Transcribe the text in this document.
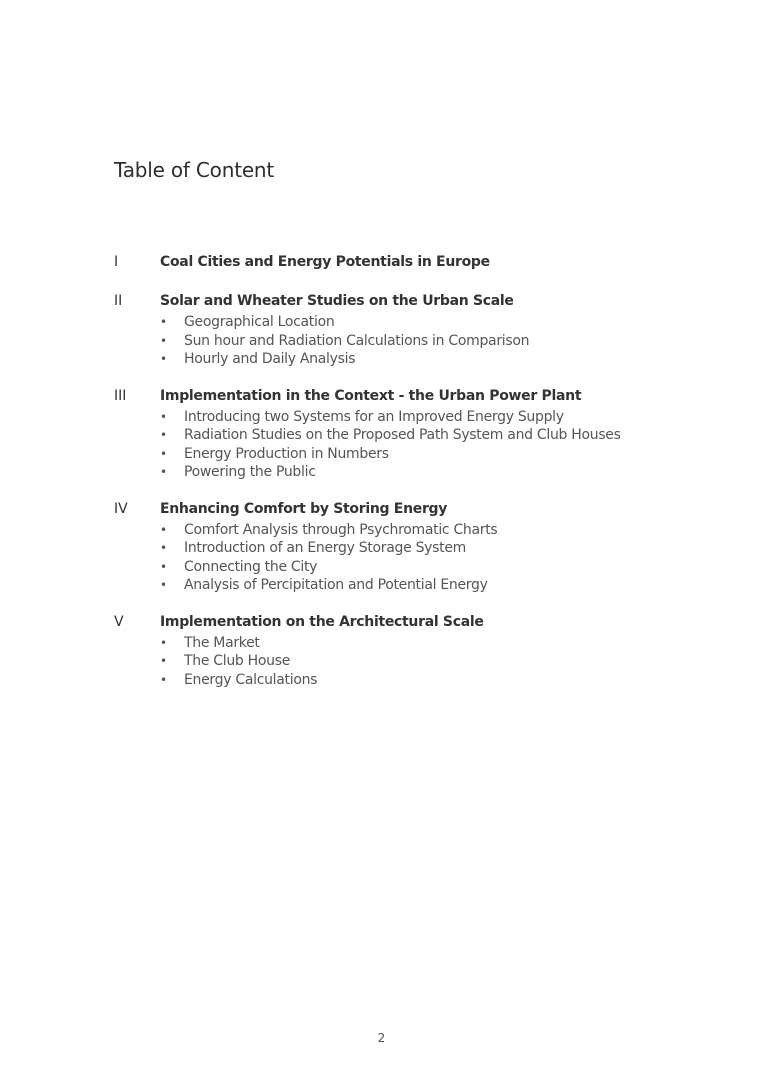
Table of Content
I	Coal Cities and Energy Potentials in Europe
II	Solar and Wheater Studies on the Urban Scale
•	Geographical Location
•	Sun hour and Radiation Calculations in Comparison
•	Hourly and Daily Analysis
III	Implementation in the Context - the Urban Power Plant
•	Introducing two Systems for an Improved Energy Supply
•	Radiation Studies on the Proposed Path System and Club Houses
•	Energy Production in Numbers
•	Powering the Public
IV	Enhancing Comfort by Storing Energy
•	Comfort Analysis through Psychromatic Charts
•	Introduction of an Energy Storage System
•	Connecting the City
•	Analysis of Percipitation and Potential Energy
V	Implementation on the Architectural Scale
•	The Market
•	The Club House
•	Energy Calculations
2
